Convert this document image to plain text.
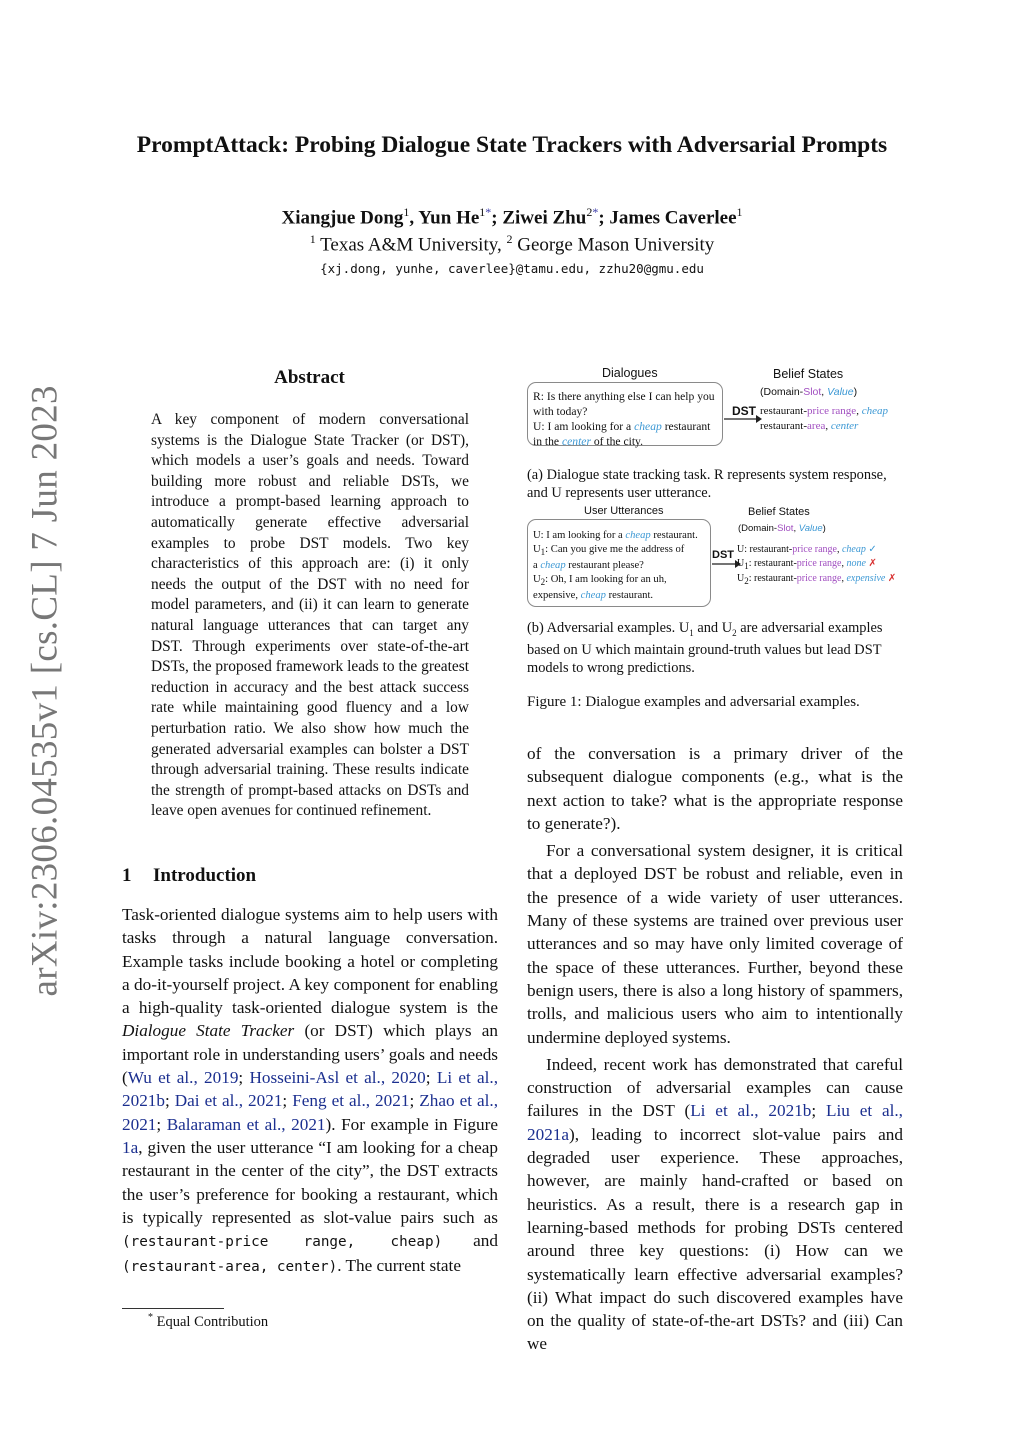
PromptAttack: Probing Dialogue State Trackers with Adversarial Prompts
Xiangjue Dong$^1$, Yun $He^{1*}$; Ziwei Zhu$^{2*}$; James Caverlee$^1$
$^1$ Texas A&M University, $^2$ George Mason University
{xj.dong, yunhe, caverlee}@tamu.edu, zzhu20@gmu.edu
arXiv:2306.04535v1 [cs.CL] 7 Jun 2023
Abstract
A key component of modern conversational systems is the Dialogue State Tracker (or DST), which models a user’s goals and needs. Toward building more robust and reliable DSTs, we introduce a prompt-based learning approach to automatically generate effective adversarial examples to probe DST models. Two key characteristics of this approach are: (i) it only needs the output of the DST with no need for model parameters, and (ii) it can learn to generate natural language utterances that can target any DST. Through experiments over state-of-the-art DSTs, the proposed framework leads to the greatest reduction in accuracy and the best attack success rate while maintaining good fluency and a low perturbation ratio. We also show how much the generated adversarial examples can bolster a DST through adversarial training. These results indicate the strength of prompt-based attacks on DSTs and leave open avenues for continued refinement.
1 Introduction
Task-oriented dialogue systems aim to help users with tasks through a natural language conversation. Example tasks include booking a hotel or completing a do-it-yourself project. A key component for enabling a high-quality task-oriented dialogue system is the Dialogue State Tracker (or DST) which plays an important role in understanding users’ goals and needs (Wu et al., 2019; Hosseini-Asl et al., 2020; Li et al., 2021b; Dai et al., 2021; Feng et al., 2021; Zhao et al., 2021; Balaraman et al., 2021). For example in Figure 1a, given the user utterance “I am looking for a cheap restaurant in the center of the city”, the DST extracts the user’s preference for booking a restaurant, which is typically represented as slot-value pairs such as (restaurant-price range, cheap) and (restaurant-area, center). The current state
* Equal Contribution
Dialogues	Belief States
(Domain-Slot, Value)
R: Is there anything else I can help you
with today?
U: I am looking for a cheap restaurant
in the center of the city.
DST restaurant-price range, cheap
restaurant-area, center
(a) Dialogue state tracking task. R represents system response, and U represents user utterance.
User Utterances	Belief States
(Domain-Slot, Value)
U: I am looking for a cheap restaurant.
$U_1$: Can you give me the address of
a cheap restaurant please?
$U_2$: Oh, I am looking for an uh,
expensive, cheap restaurant.
DST U: restaurant-price range, cheap ✓
$U_1$: restaurant-price range, none ✗
$U_2$: restaurant-price range, expensive ✗
(b) Adversarial examples. $U_1$ and $U_2$ are adversarial examples based on U which maintain ground-truth values but lead DST models to wrong predictions.
Figure 1: Dialogue examples and adversarial examples.

of the conversation is a primary driver of the subsequent dialogue components (e.g., what is the next action to take? what is the appropriate response to generate?).

For a conversational system designer, it is critical that a deployed DST be robust and reliable, even in the presence of a wide variety of user utterances. Many of these systems are trained over previous user utterances and so may have only limited coverage of the space of these utterances. Further, beyond these benign users, there is also a long history of spammers, trolls, and malicious users who aim to intentionally undermine deployed systems.

Indeed, recent work has demonstrated that careful construction of adversarial examples can cause failures in the DST (Li et al., 2021b; Liu et al., 2021a), leading to incorrect slot-value pairs and degraded user experience. These approaches, however, are mainly hand-crafted or based on heuristics. As a result, there is a research gap in learning-based methods for probing DSTs centered around three key questions: (i) How can we systematically learn effective adversarial examples? (ii) What impact do such discovered examples have on the quality of state-of-the-art DSTs? and (iii) Can we
